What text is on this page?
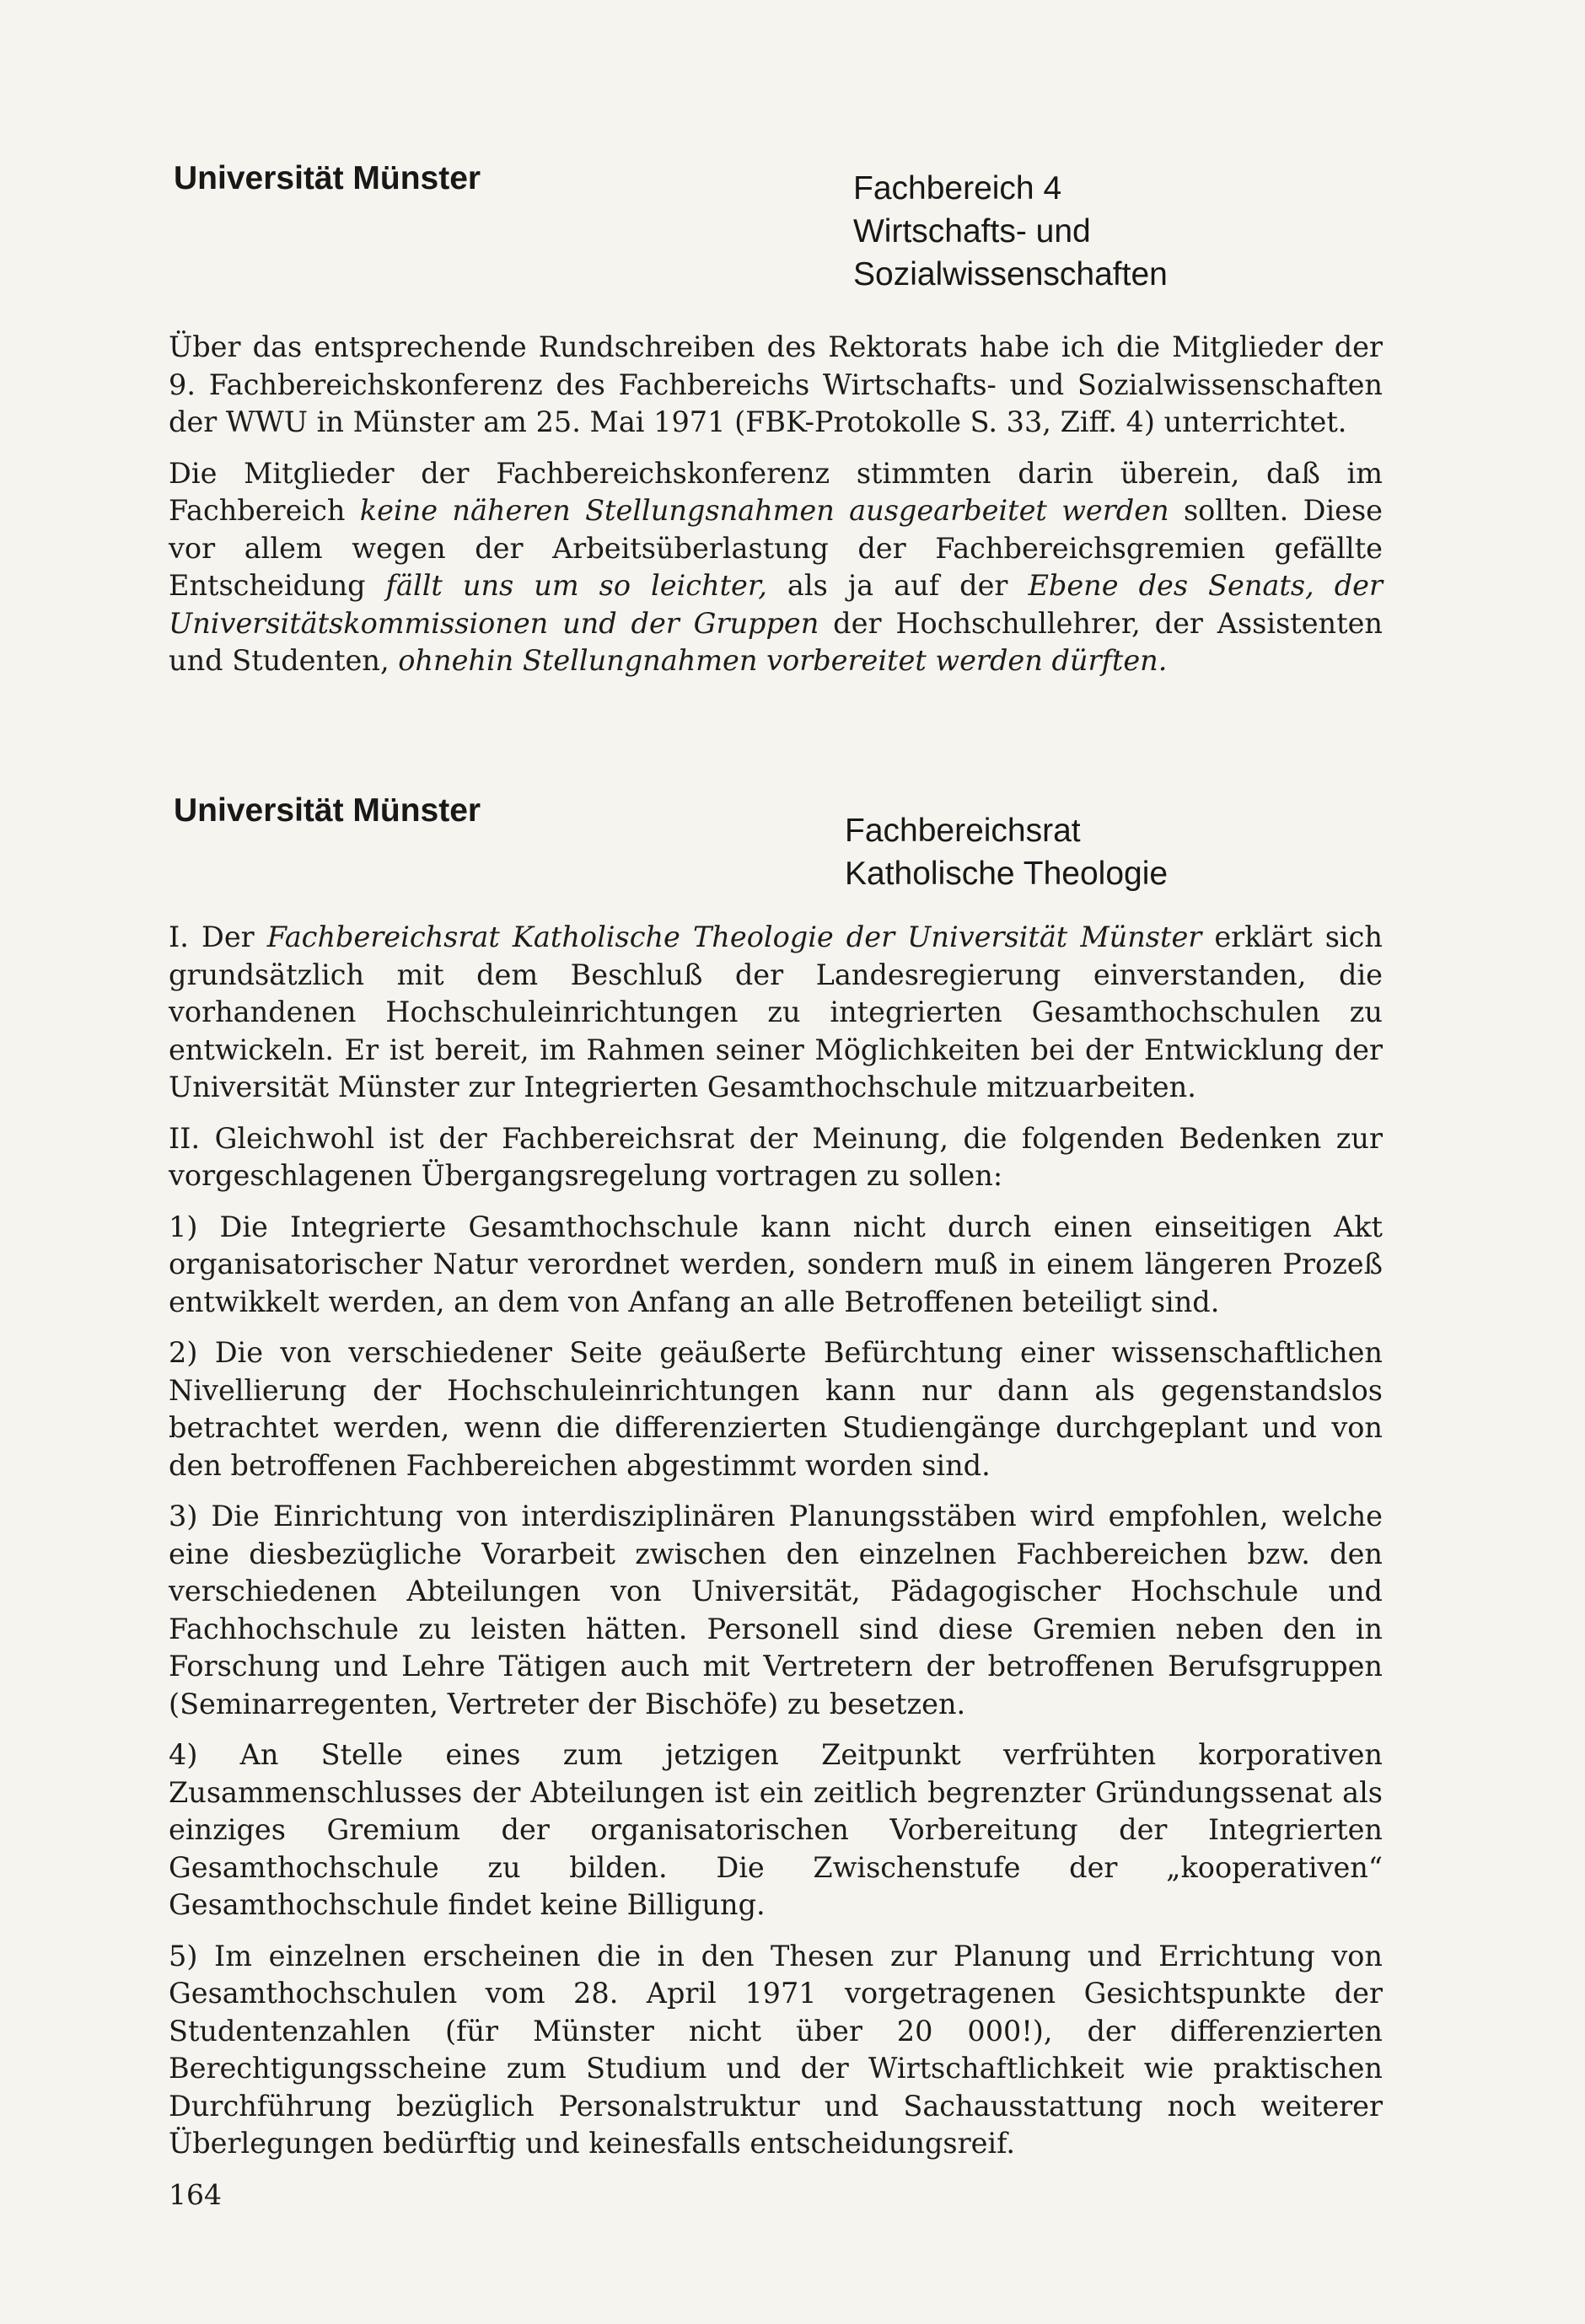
Universität Münster	Fachbereich 4
Wirtschafts- und
Sozialwissenschaften

Über das entsprechende Rundschreiben des Rektorats habe ich die Mitglieder der 9. Fachbereichskonferenz des Fachbereichs Wirtschafts- und Sozialwissenschaften der WWU in Münster am 25. Mai 1971 (FBK-Protokolle S. 33, Ziff. 4) unterrichtet.

Die Mitglieder der Fachbereichskonferenz stimmten darin überein, daß im Fachbereich keine näheren Stellungsnahmen ausgearbeitet werden sollten. Diese vor allem wegen der Arbeitsüberlastung der Fachbereichsgremien gefällte Entscheidung fällt uns um so leichter, als ja auf der Ebene des Senats, der Universitätskommissionen und der Gruppen der Hochschullehrer, der Assistenten und Studenten, ohnehin Stellungnahmen vorbereitet werden dürften.

Universität Münster
Fachbereichsrat
Katholische Theologie

I. Der Fachbereichsrat Katholische Theologie der Universität Münster erklärt sich grundsätzlich mit dem Beschluß der Landesregierung einverstanden, die vorhandenen Hochschuleinrichtungen zu integrierten Gesamthochschulen zu entwickeln. Er ist bereit, im Rahmen seiner Möglichkeiten bei der Entwicklung der Universität Münster zur Integrierten Gesamthochschule mitzuarbeiten.

II. Gleichwohl ist der Fachbereichsrat der Meinung, die folgenden Bedenken zur vorgeschlagenen Übergangsregelung vortragen zu sollen:

1) Die Integrierte Gesamthochschule kann nicht durch einen einseitigen Akt organisatorischer Natur verordnet werden, sondern muß in einem längeren Prozeß entwikkelt werden, an dem von Anfang an alle Betroffenen beteiligt sind.

2) Die von verschiedener Seite geäußerte Befürchtung einer wissenschaftlichen Nivellierung der Hochschuleinrichtungen kann nur dann als gegenstandslos betrachtet werden, wenn die differenzierten Studiengänge durchgeplant und von den betroffenen Fachbereichen abgestimmt worden sind.

3) Die Einrichtung von interdisziplinären Planungsstäben wird empfohlen, welche eine diesbezügliche Vorarbeit zwischen den einzelnen Fachbereichen bzw. den verschiedenen Abteilungen von Universität, Pädagogischer Hochschule und Fachhochschule zu leisten hätten. Personell sind diese Gremien neben den in Forschung und Lehre Tätigen auch mit Vertretern der betroffenen Berufsgruppen (Seminarregenten, Vertreter der Bischöfe) zu besetzen.

4) An Stelle eines zum jetzigen Zeitpunkt verfrühten korporativen Zusammenschlusses der Abteilungen ist ein zeitlich begrenzter Gründungssenat als einziges Gremium der organisatorischen Vorbereitung der Integrierten Gesamthochschule zu bilden. Die Zwischenstufe der „kooperativen“ Gesamthochschule findet keine Billigung.

5) Im einzelnen erscheinen die in den Thesen zur Planung und Errichtung von Gesamthochschulen vom 28. April 1971 vorgetragenen Gesichtspunkte der Studentenzahlen (für Münster nicht über 20 000!), der differenzierten Berechtigungsscheine zum Studium und der Wirtschaftlichkeit wie praktischen Durchführung bezüglich Personalstruktur und Sachausstattung noch weiterer Überlegungen bedürftig und keinesfalls entscheidungsreif.

164
